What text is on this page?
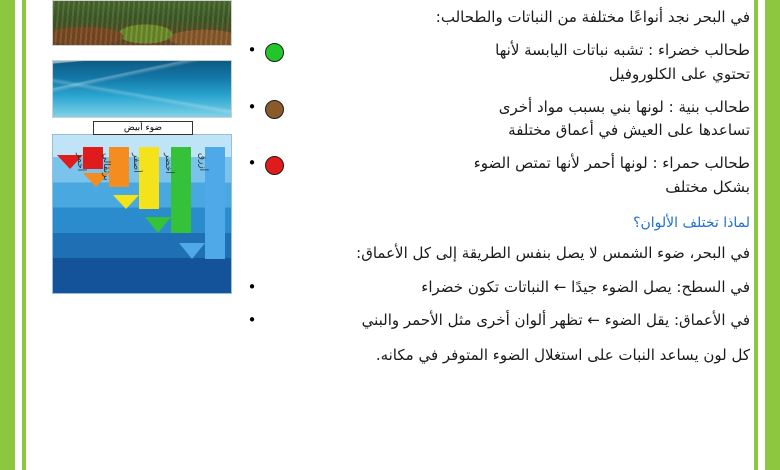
ضوء أبيض
أحمر	برتقالي	أصفر	أخضر	أزرق

في البحر نجد أنواعًا مختلفة من النباتات والطحالب:

•	طحالب خضراء : تشبه نباتات اليابسة لأنها
تحتوي على الكلوروفيل
•	طحالب بنية : لونها بني بسبب مواد أخرى
تساعدها على العيش في أعماق مختلفة
•	طحالب حمراء : لونها أحمر لأنها تمتص الضوء
بشكل مختلف

لماذا تختلف الألوان؟

في البحر، ضوء الشمس لا يصل بنفس الطريقة إلى كل الأعماق:

•	في السطح: يصل الضوء جيدًا ← النباتات تكون خضراء
•	في الأعماق: يقل الضوء ← تظهر ألوان أخرى مثل الأحمر والبني

كل لون يساعد النبات على استغلال الضوء المتوفر في مكانه.
